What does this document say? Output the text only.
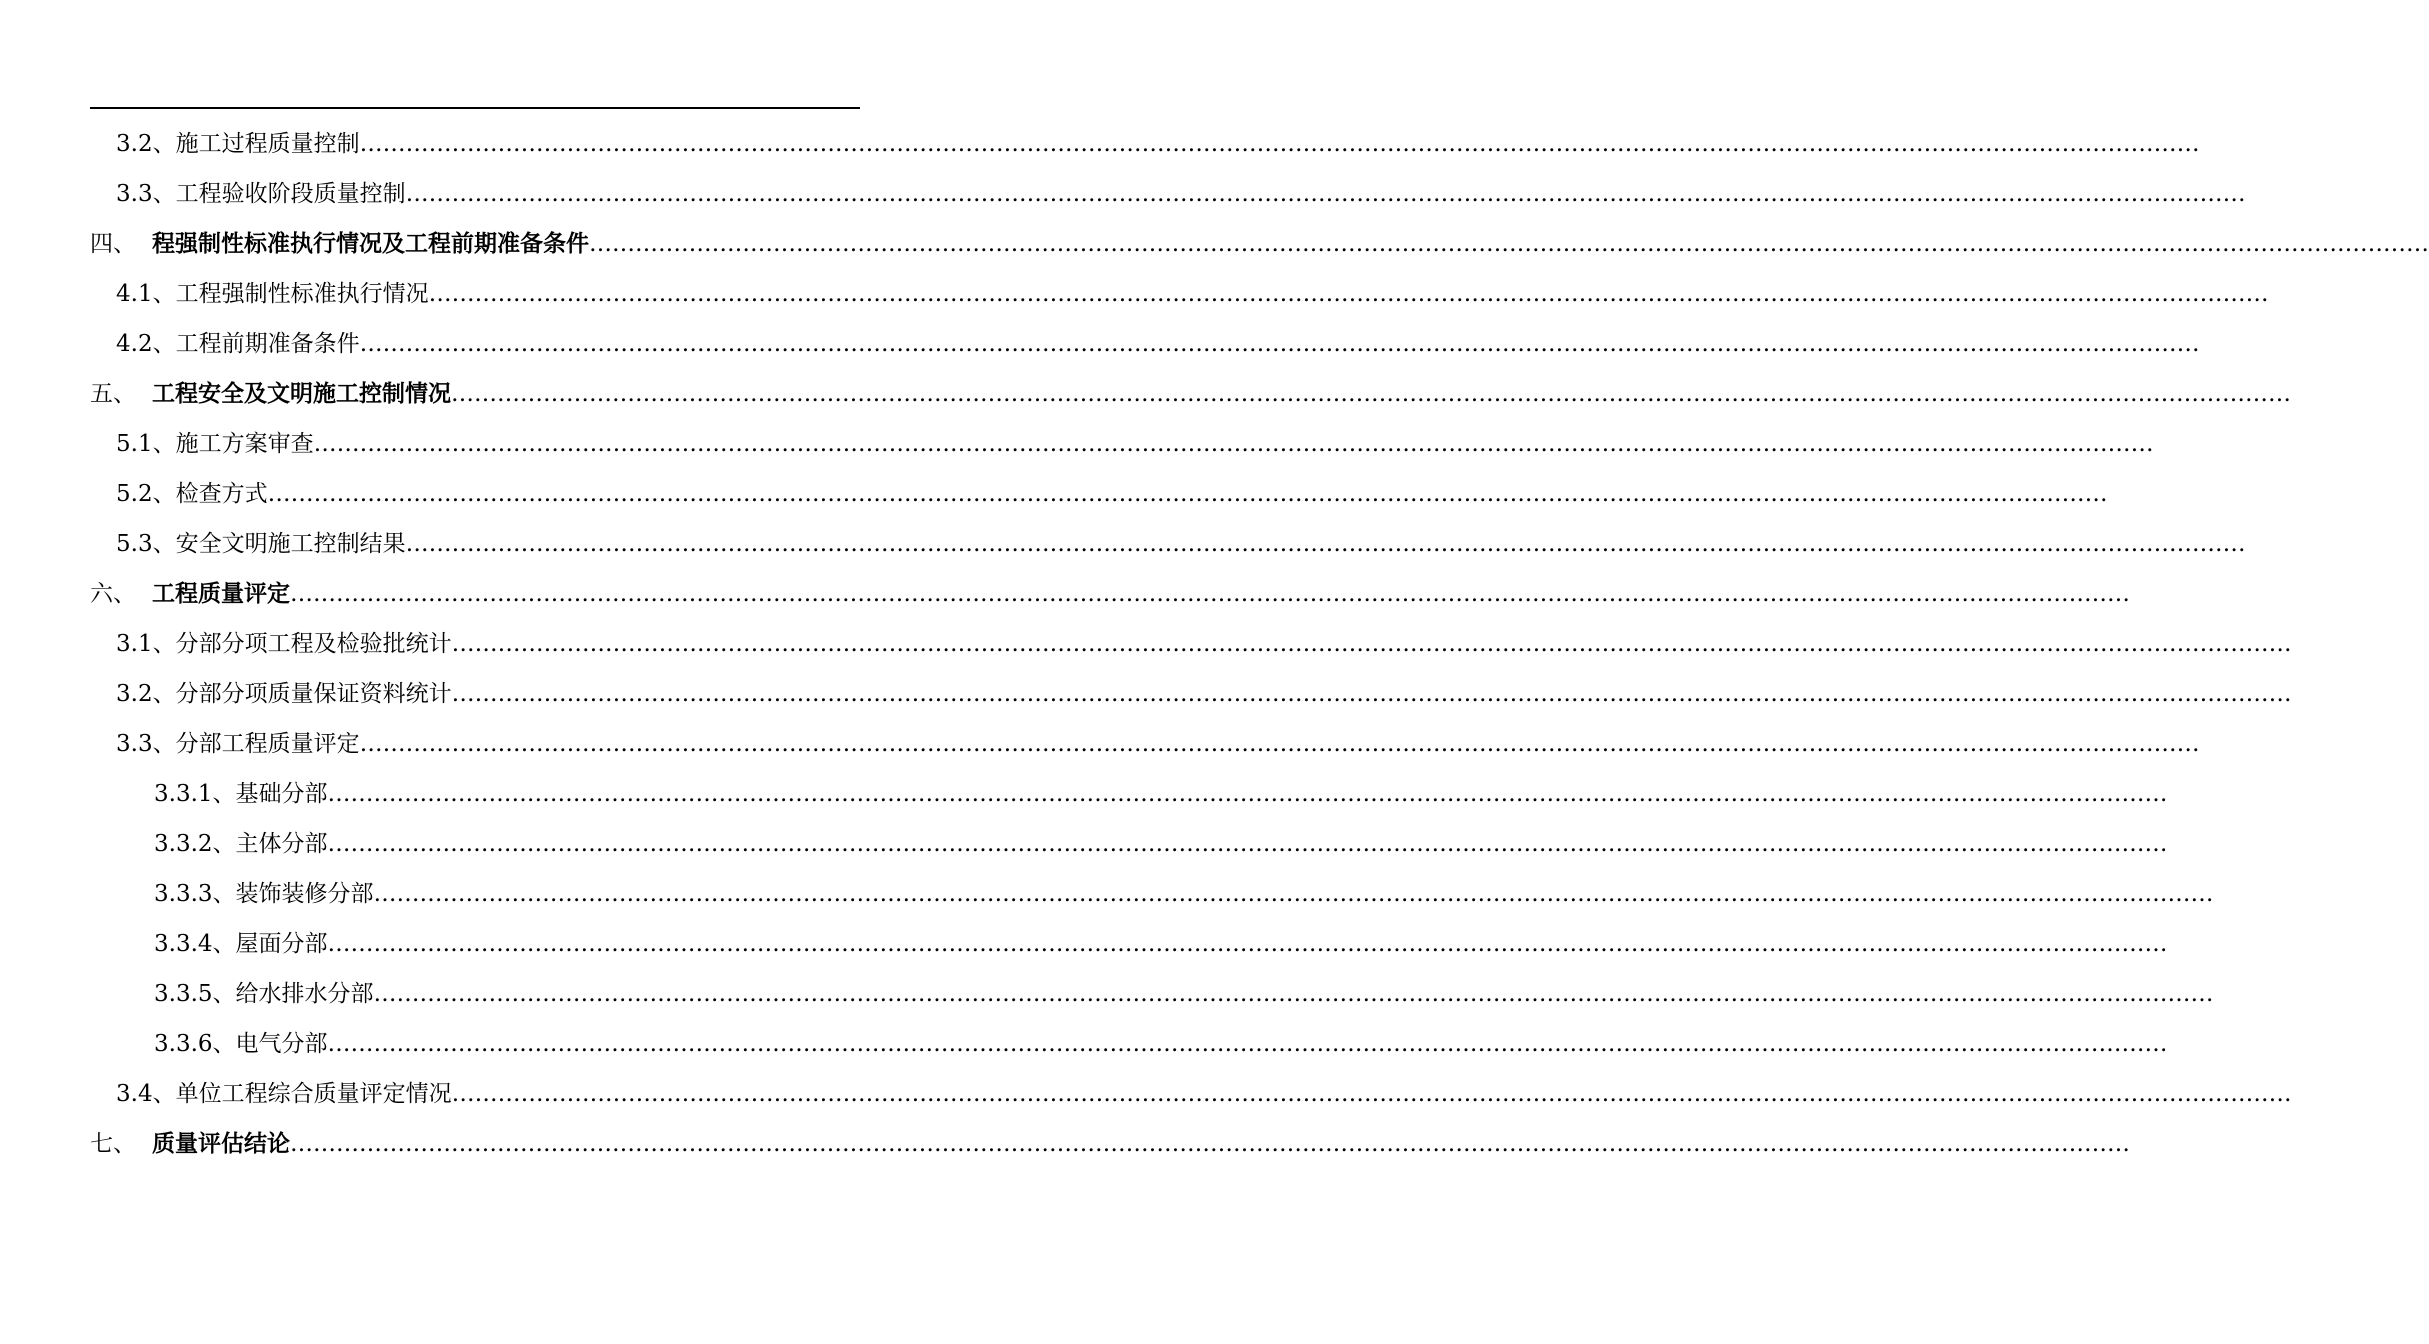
3.2、施工过程质量控制 ……………………………………………………………………………………………………………………………………………………………………………………………………………………
3.3、工程验收阶段质量控制 ……………………………………………………………………………………………………………………………………………………………………………………………………………………
四、 程强制性标准执行情况及工程前期准备条件 ……………………………………………………………………………………………………………………………………………………………………………………………………………………
4.1、工程强制性标准执行情况 ……………………………………………………………………………………………………………………………………………………………………………………………………………………
4.2、工程前期准备条件 ……………………………………………………………………………………………………………………………………………………………………………………………………………………
五、 工程安全及文明施工控制情况 ……………………………………………………………………………………………………………………………………………………………………………………………………………………
5.1、施工方案审查 ……………………………………………………………………………………………………………………………………………………………………………………………………………………
5.2、检查方式 ……………………………………………………………………………………………………………………………………………………………………………………………………………………
5.3、安全文明施工控制结果 ……………………………………………………………………………………………………………………………………………………………………………………………………………………
六、 工程质量评定 ……………………………………………………………………………………………………………………………………………………………………………………………………………………
3.1、分部分项工程及检验批统计 ……………………………………………………………………………………………………………………………………………………………………………………………………………………
3.2、分部分项质量保证资料统计 ……………………………………………………………………………………………………………………………………………………………………………………………………………………
3.3、分部工程质量评定 ……………………………………………………………………………………………………………………………………………………………………………………………………………………
3.3.1、基础分部 ……………………………………………………………………………………………………………………………………………………………………………………………………………………
3.3.2、主体分部 ……………………………………………………………………………………………………………………………………………………………………………………………………………………
3.3.3、装饰装修分部 ……………………………………………………………………………………………………………………………………………………………………………………………………………………
3.3.4、屋面分部 ……………………………………………………………………………………………………………………………………………………………………………………………………………………
3.3.5、给水排水分部 ……………………………………………………………………………………………………………………………………………………………………………………………………………………
3.3.6、电气分部 ……………………………………………………………………………………………………………………………………………………………………………………………………………………
3.4、单位工程综合质量评定情况 ……………………………………………………………………………………………………………………………………………………………………………………………………………………
七、 质量评估结论 ……………………………………………………………………………………………………………………………………………………………………………………………………………………
